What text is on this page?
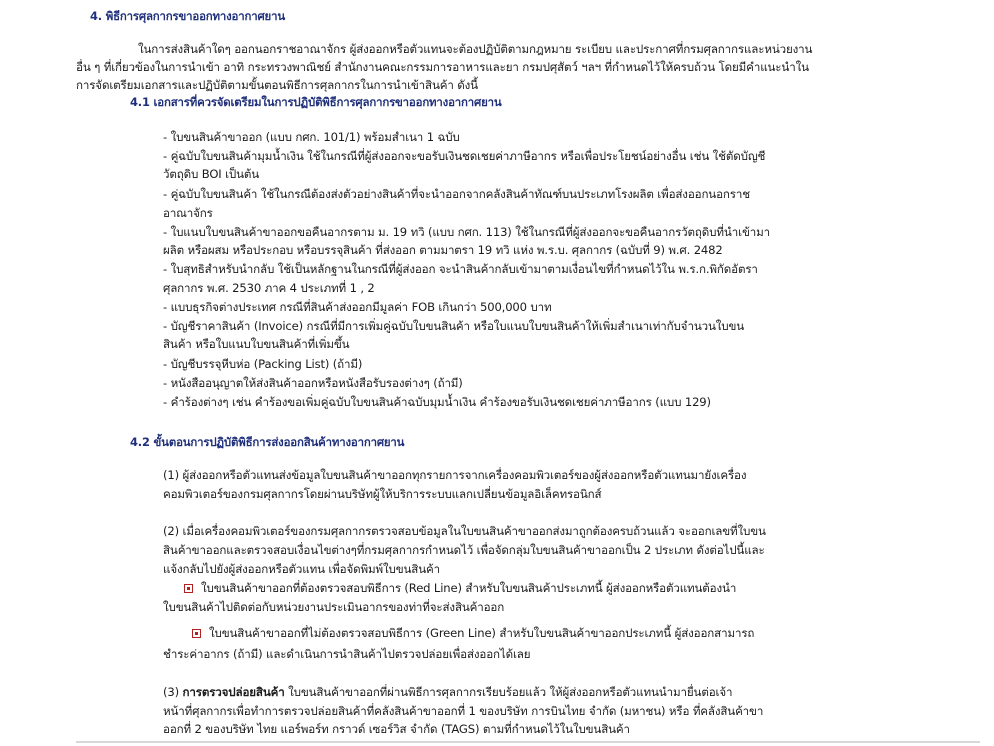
4. พิธีการศุลกากรขาออกทางอากาศยาน
ในการส่งสินค้าใดๆ ออกนอกราชอาณาจักร ผู้ส่งออกหรือตัวแทนจะต้องปฏิบัติตามกฎหมาย ระเบียบ และประกาศที่กรมศุลกากรและหน่วยงาน
อื่น ๆ ที่เกี่ยวข้องในการนำเข้า อาทิ กระทรวงพาณิชย์ สำนักงานคณะกรรมการอาหารและยา กรมปศุสัตว์ ฯลฯ ที่กำหนดไว้ให้ครบถ้วน โดยมีคำแนะนำใน
การจัดเตรียมเอกสารและปฏิบัติตามขั้นตอนพิธีการศุลกากรในการนำเข้าสินค้า ดังนี้
4.1 เอกสารที่ควรจัดเตรียมในการปฏิบัติพิธีการศุลกากรขาออกทางอากาศยาน
- ใบขนสินค้าขาออก (แบบ กศก. 101/1) พร้อมสำเนา 1 ฉบับ
- คู่ฉบับใบขนสินค้ามุมน้ำเงิน ใช้ในกรณีที่ผู้ส่งออกจะขอรับเงินชดเชยค่าภาษีอากร หรือเพื่อประโยชน์อย่างอื่น เช่น ใช้ตัดบัญชี
วัตถุดิบ BOI เป็นต้น
- คู่ฉบับใบขนสินค้า ใช้ในกรณีต้องส่งตัวอย่างสินค้าที่จะนำออกจากคลังสินค้าทัณฑ์บนประเภทโรงผลิต เพื่อส่งออกนอกราช
อาณาจักร
- ใบแนบใบขนสินค้าขาออกขอคืนอากรตาม ม. 19 ทวิ (แบบ กศก. 113) ใช้ในกรณีที่ผู้ส่งออกจะขอคืนอากรวัตถุดิบที่นำเข้ามา
ผลิต หรือผสม หรือประกอบ หรือบรรจุสินค้า ที่ส่งออก ตามมาตรา 19 ทวิ แห่ง พ.ร.บ. ศุลกากร (ฉบับที่ 9) พ.ศ. 2482
- ใบสุทธิสำหรับนำกลับ ใช้เป็นหลักฐานในกรณีที่ผู้ส่งออก จะนำสินค้ากลับเข้ามาตามเงื่อนไขที่กำหนดไว้ใน พ.ร.ก.พิกัดอัตรา
ศุลกากร พ.ศ. 2530 ภาค 4 ประเภทที่ 1 , 2
- แบบธุรกิจต่างประเทศ กรณีที่สินค้าส่งออกมีมูลค่า FOB เกินกว่า 500,000 บาท
- บัญชีราคาสินค้า (Invoice) กรณีที่มีการเพิ่มคู่ฉบับใบขนสินค้า หรือใบแนบใบขนสินค้าให้เพิ่มสำเนาเท่ากับจำนวนใบขน
สินค้า หรือใบแนบใบขนสินค้าที่เพิ่มขึ้น
- บัญชีบรรจุหีบห่อ (Packing List) (ถ้ามี)
- หนังสืออนุญาตให้ส่งสินค้าออกหรือหนังสือรับรองต่างๆ (ถ้ามี)
- คำร้องต่างๆ เช่น คำร้องขอเพิ่มคู่ฉบับใบขนสินค้าฉบับมุมน้ำเงิน คำร้องขอรับเงินชดเชยค่าภาษีอากร (แบบ 129)
4.2 ขั้นตอนการปฏิบัติพิธีการส่งออกสินค้าทางอากาศยาน
(1) ผู้ส่งออกหรือตัวแทนส่งข้อมูลใบขนสินค้าขาออกทุกรายการจากเครื่องคอมพิวเตอร์ของผู้ส่งออกหรือตัวแทนมายังเครื่อง
คอมพิวเตอร์ของกรมศุลกากรโดยผ่านบริษัทผู้ให้บริการระบบแลกเปลี่ยนข้อมูลอิเล็คทรอนิกส์
(2) เมื่อเครื่องคอมพิวเตอร์ของกรมศุลกากรตรวจสอบข้อมูลในใบขนสินค้าขาออกส่งมาถูกต้องครบถ้วนแล้ว จะออกเลขที่ใบขน
สินค้าขาออกและตรวจสอบเงื่อนไขต่างๆที่กรมศุลกากรกำหนดไว้ เพื่อจัดกลุ่มใบขนสินค้าขาออกเป็น 2 ประเภท ดังต่อไปนี้และ
แจ้งกลับไปยังผู้ส่งออกหรือตัวแทน เพื่อจัดพิมพ์ใบขนสินค้า
ใบขนสินค้าขาออกที่ต้องตรวจสอบพิธีการ (Red Line) สำหรับใบขนสินค้าประเภทนี้ ผู้ส่งออกหรือตัวแทนต้องนำ
ใบขนสินค้าไปติดต่อกับหน่วยงานประเมินอากรของท่าที่จะส่งสินค้าออก
ใบขนสินค้าขาออกที่ไม่ต้องตรวจสอบพิธีการ (Green Line) สำหรับใบขนสินค้าขาออกประเภทนี้ ผู้ส่งออกสามารถ
ชำระค่าอากร (ถ้ามี) และดำเนินการนำสินค้าไปตรวจปล่อยเพื่อส่งออกได้เลย
(3) การตรวจปล่อยสินค้า ใบขนสินค้าขาออกที่ผ่านพิธีการศุลกากรเรียบร้อยแล้ว ให้ผู้ส่งออกหรือตัวแทนนำมายื่นต่อเจ้า
หน้าที่ศุลกากรเพื่อทำการตรวจปล่อยสินค้าที่คลังสินค้าขาออกที่ 1 ของบริษัท การบินไทย จำกัด (มหาชน) หรือ ที่คลังสินค้าขา
ออกที่ 2 ของบริษัท ไทย แอร์พอร์ท กราวด์ เซอร์วิส จำกัด (TAGS) ตามที่กำหนดไว้ในใบขนสินค้า
